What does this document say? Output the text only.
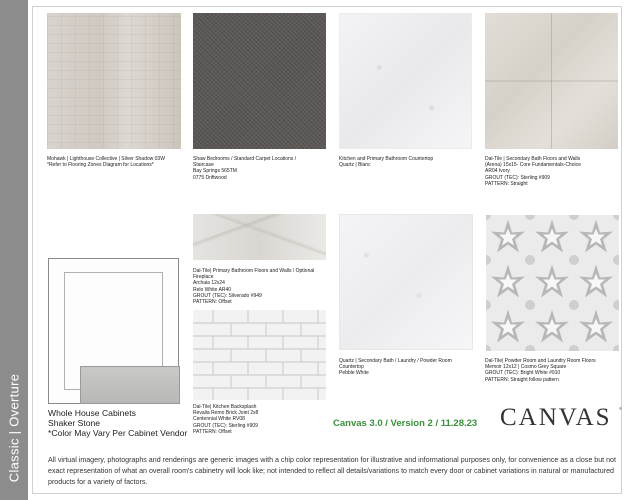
Classic | Overture
Mohawk | Lighthouse Collective | Silver Shadow 03W
*Refer to Flooring Zones Diagram for Locations*
Shaw Bedrooms / Standard Carpet Locations /
Staircase
Bay Springs 565TM
0775 Driftwood
Kitchen and Primary Bathroom Countertop
Quartz | Blanc
Dal-Tile | Secondary Bath Floors and Walls
(Arena) 15x15- Core Fundamentals-Choice
AR04 Ivory
GROUT (TEC): Sterling #909
PATTERN: Straight
Dal-Tile| Primary Bathroom Floors and Walls / Optional
Fireplace
Archaia 12x24
Relo White AR40
GROUT (TEC): Silverado #949
PATTERN: Offset
Dal-Tile| Kitchen Backsplash
Revalia Remo Brick Joint 2x8
Centennial White RV08
GROUT (TEC): Sterling #909
PATTERN: Offset
Quartz | Secondary Bath / Laundry / Powder Room
Countertop
Pebble White
Dal-Tile| Powder Room and Laundry Room Floors
Memoir 12x12 | Cosmo Grey Square
GROUT (TEC): Bright White #910
PATTERN: Straight follow pattern
Whole House Cabinets
Shaker Stone
*Color May Vary Per Cabinet Vendor
Canvas 3.0 / Version 2 / 11.28.23 CANVAS ®
All virtual imagery, photographs and renderings are generic images with a chip color representation for illustrative and informational purposes only, for convenience as a close but not exact representation of what an overall room's cabinetry will look like; not intended to reflect all details/variations to match every door or cabinet variations in natural or manufactured products for a variety of factors.
